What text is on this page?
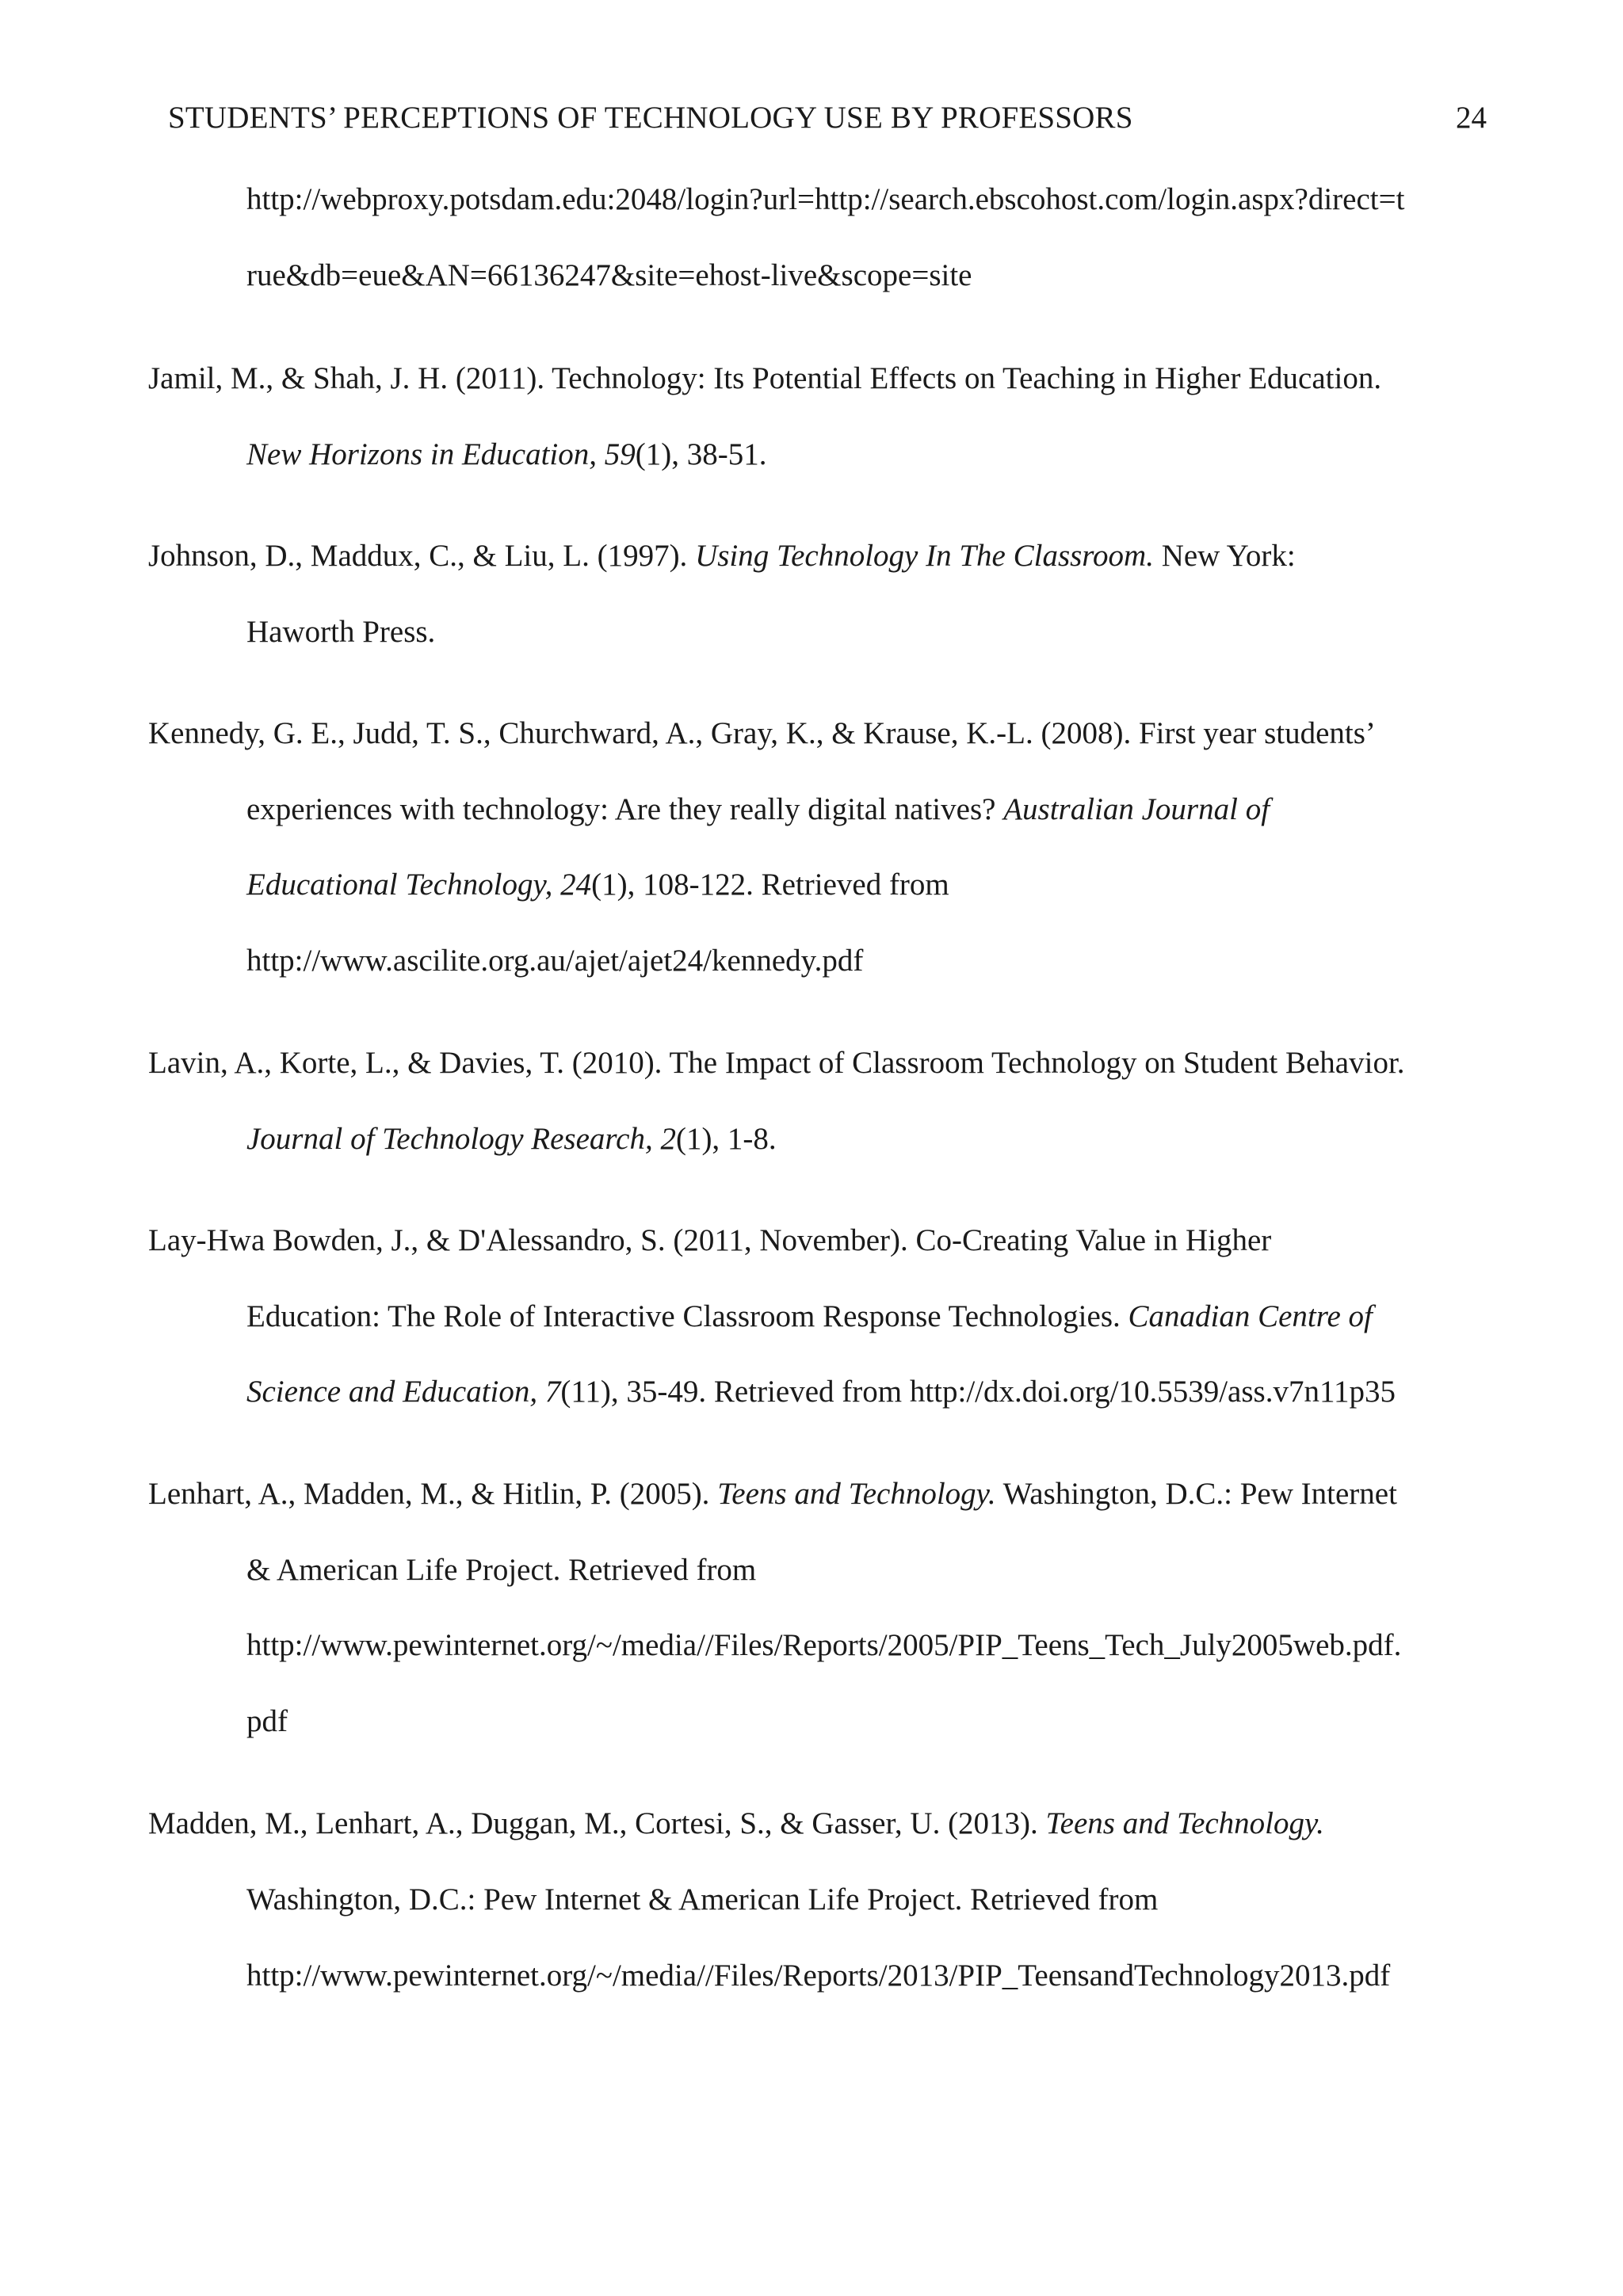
STUDENTS’ PERCEPTIONS OF TECHNOLOGY USE BY PROFESSORS	24
http://webproxy.potsdam.edu:2048/login?url=http://search.ebscohost.com/login.aspx?direct=t
rue&db=eue&AN=66136247&site=ehost-live&scope=site
Jamil, M., & Shah, J. H. (2011). Technology: Its Potential Effects on Teaching in Higher Education.
New Horizons in Education, 59(1), 38-51.
Johnson, D., Maddux, C., & Liu, L. (1997). Using Technology In The Classroom. New York:
Haworth Press.
Kennedy, G. E., Judd, T. S., Churchward, A., Gray, K., & Krause, K.-L. (2008). First year students’
experiences with technology: Are they really digital natives? Australian Journal of
Educational Technology, 24(1), 108-122. Retrieved from
http://www.ascilite.org.au/ajet/ajet24/kennedy.pdf
Lavin, A., Korte, L., & Davies, T. (2010). The Impact of Classroom Technology on Student Behavior.
Journal of Technology Research, 2(1), 1-8.
Lay-Hwa Bowden, J., & D'Alessandro, S. (2011, November). Co-Creating Value in Higher
Education: The Role of Interactive Classroom Response Technologies. Canadian Centre of
Science and Education, 7(11), 35-49. Retrieved from http://dx.doi.org/10.5539/ass.v7n11p35
Lenhart, A., Madden, M., & Hitlin, P. (2005). Teens and Technology. Washington, D.C.: Pew Internet
& American Life Project. Retrieved from
http://www.pewinternet.org/~/media//Files/Reports/2005/PIP_Teens_Tech_July2005web.pdf.
pdf
Madden, M., Lenhart, A., Duggan, M., Cortesi, S., & Gasser, U. (2013). Teens and Technology.
Washington, D.C.: Pew Internet & American Life Project. Retrieved from
http://www.pewinternet.org/~/media//Files/Reports/2013/PIP_TeensandTechnology2013.pdf
